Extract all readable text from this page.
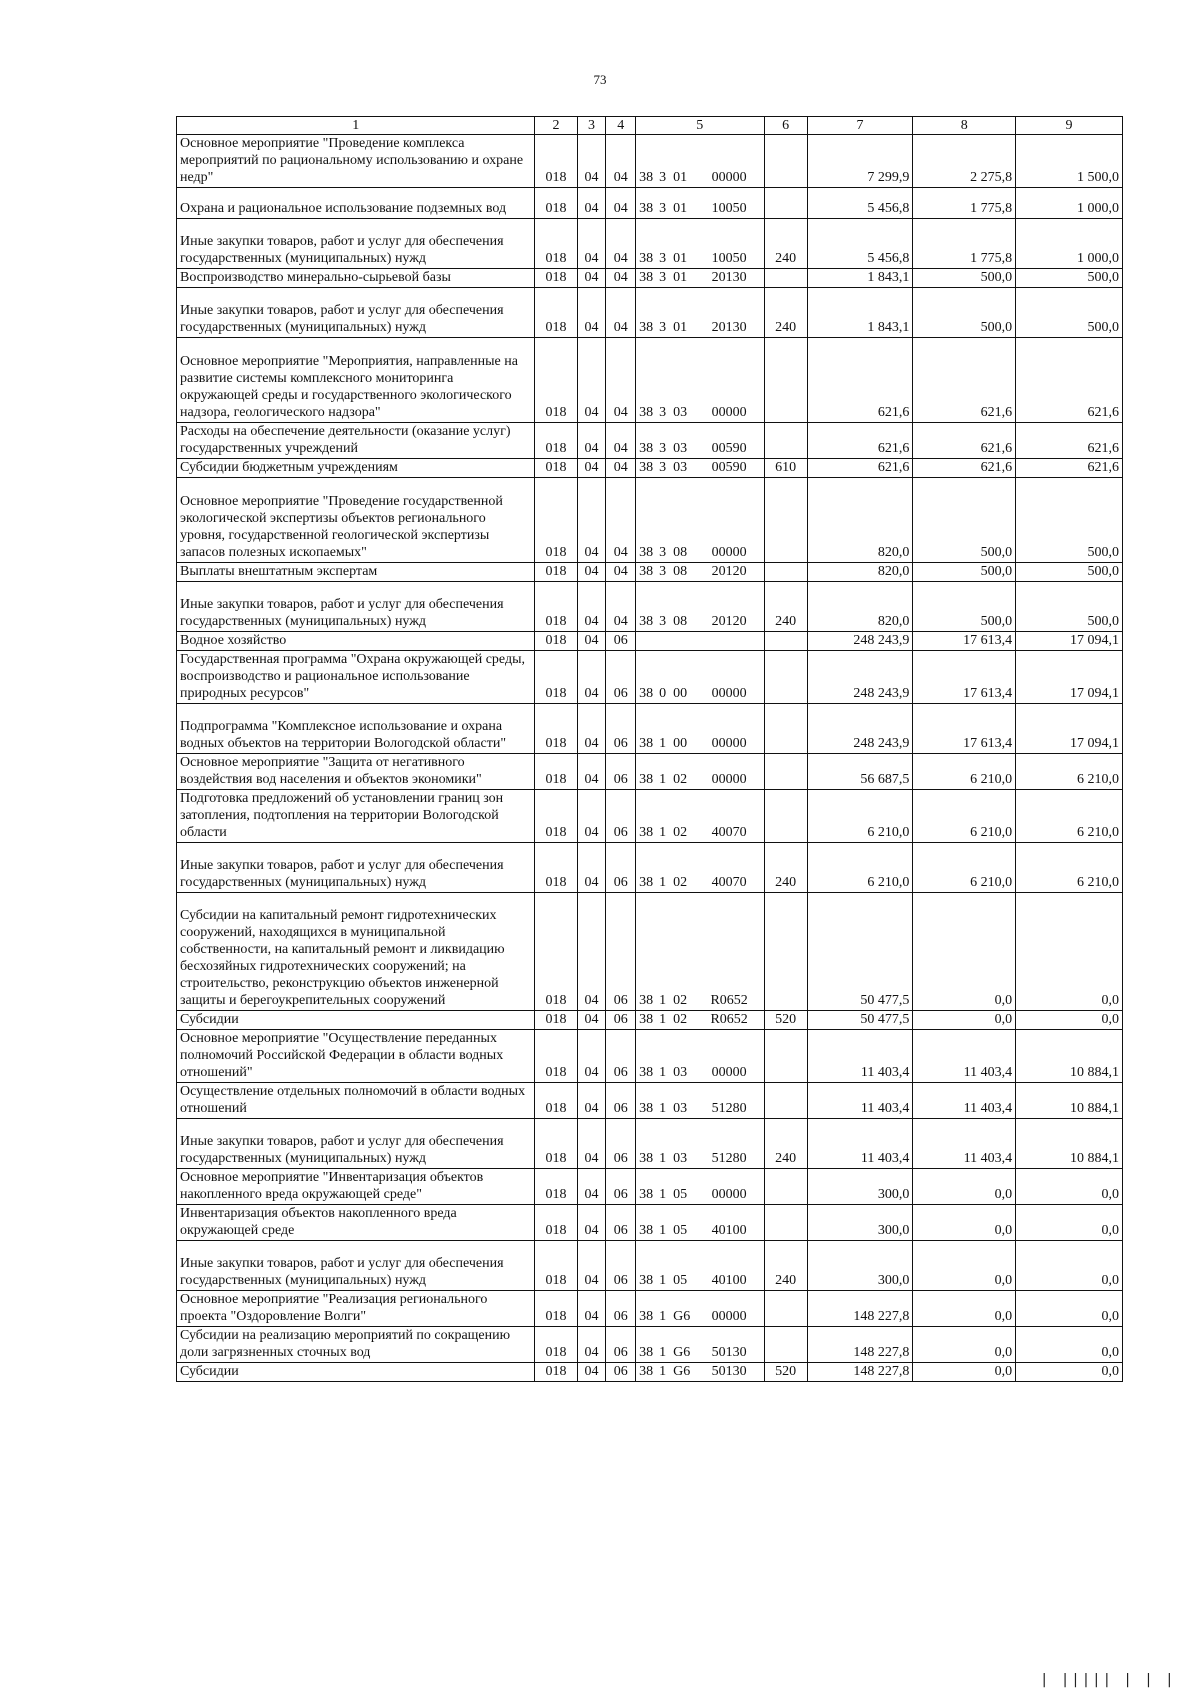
73
1	2	3	4	5	6	7	8	9
Основное мероприятие "Проведение комплекса мероприятий по рациональному использованию и охране недр"	018	04	04	38 3 01 00000		7 299,9	2 275,8	1 500,0
Охрана и рациональное использование подземных вод	018	04	04	38 3 01 10050		5 456,8	1 775,8	1 000,0
Иные закупки товаров, работ и услуг для обеспечения государственных (муниципальных) нужд	018	04	04	38 3 01 10050	240	5 456,8	1 775,8	1 000,0
Воспроизводство минерально-сырьевой базы	018	04	04	38 3 01 20130		1 843,1	500,0	500,0
Иные закупки товаров, работ и услуг для обеспечения государственных (муниципальных) нужд	018	04	04	38 3 01 20130	240	1 843,1	500,0	500,0
Основное мероприятие "Мероприятия, направленные на развитие системы комплексного мониторинга окружающей среды и государственного экологического надзора, геологического надзора"	018	04	04	38 3 03 00000		621,6	621,6	621,6
Расходы на обеспечение деятельности (оказание услуг) государственных учреждений	018	04	04	38 3 03 00590		621,6	621,6	621,6
Субсидии бюджетным учреждениям	018	04	04	38 3 03 00590	610	621,6	621,6	621,6
Основное мероприятие "Проведение государственной экологической экспертизы объектов регионального уровня, государственной геологической экспертизы запасов полезных ископаемых"	018	04	04	38 3 08 00000		820,0	500,0	500,0
Выплаты внештатным экспертам	018	04	04	38 3 08 20120		820,0	500,0	500,0
Иные закупки товаров, работ и услуг для обеспечения государственных (муниципальных) нужд	018	04	04	38 3 08 20120	240	820,0	500,0	500,0
Водное хозяйство	018	04	06			248 243,9	17 613,4	17 094,1
Государственная программа "Охрана окружающей среды, воспроизводство и рациональное использование природных ресурсов"	018	04	06	38 0 00 00000		248 243,9	17 613,4	17 094,1
Подпрограмма "Комплексное использование и охрана водных объектов на территории Вологодской области"	018	04	06	38 1 00 00000		248 243,9	17 613,4	17 094,1
Основное мероприятие "Защита от негативного воздействия вод населения и объектов экономики"	018	04	06	38 1 02 00000		56 687,5	6 210,0	6 210,0
Подготовка предложений об установлении границ зон затопления, подтопления на территории Вологодской области	018	04	06	38 1 02 40070		6 210,0	6 210,0	6 210,0
Иные закупки товаров, работ и услуг для обеспечения государственных (муниципальных) нужд	018	04	06	38 1 02 40070	240	6 210,0	6 210,0	6 210,0
Субсидии на капитальный ремонт гидротехнических сооружений, находящихся в муниципальной собственности, на капитальный ремонт и ликвидацию бесхозяйных гидротехнических сооружений; на строительство, реконструкцию объектов инженерной защиты и берегоукрепительных сооружений	018	04	06	38 1 02 R0652		50 477,5	0,0	0,0
Субсидии	018	04	06	38 1 02 R0652	520	50 477,5	0,0	0,0
Основное мероприятие "Осуществление переданных полномочий Российской Федерации в области водных отношений"	018	04	06	38 1 03 00000		11 403,4	11 403,4	10 884,1
Осуществление отдельных полномочий в области водных отношений	018	04	06	38 1 03 51280		11 403,4	11 403,4	10 884,1
Иные закупки товаров, работ и услуг для обеспечения государственных (муниципальных) нужд	018	04	06	38 1 03 51280	240	11 403,4	11 403,4	10 884,1
Основное мероприятие "Инвентаризация объектов накопленного вреда окружающей среде"	018	04	06	38 1 05 00000		300,0	0,0	0,0
Инвентаризация объектов накопленного вреда окружающей среде	018	04	06	38 1 05 40100		300,0	0,0	0,0
Иные закупки товаров, работ и услуг для обеспечения государственных (муниципальных) нужд	018	04	06	38 1 05 40100	240	300,0	0,0	0,0
Основное мероприятие "Реализация регионального проекта "Оздоровление Волги"	018	04	06	38 1 G6 00000		148 227,8	0,0	0,0
Субсидии на реализацию мероприятий по сокращению доли загрязненных сточных вод	018	04	06	38 1 G6 50130		148 227,8	0,0	0,0
Субсидии	018	04	06	38 1 G6 50130	520	148 227,8	0,0	0,0
| ||||| | | |
